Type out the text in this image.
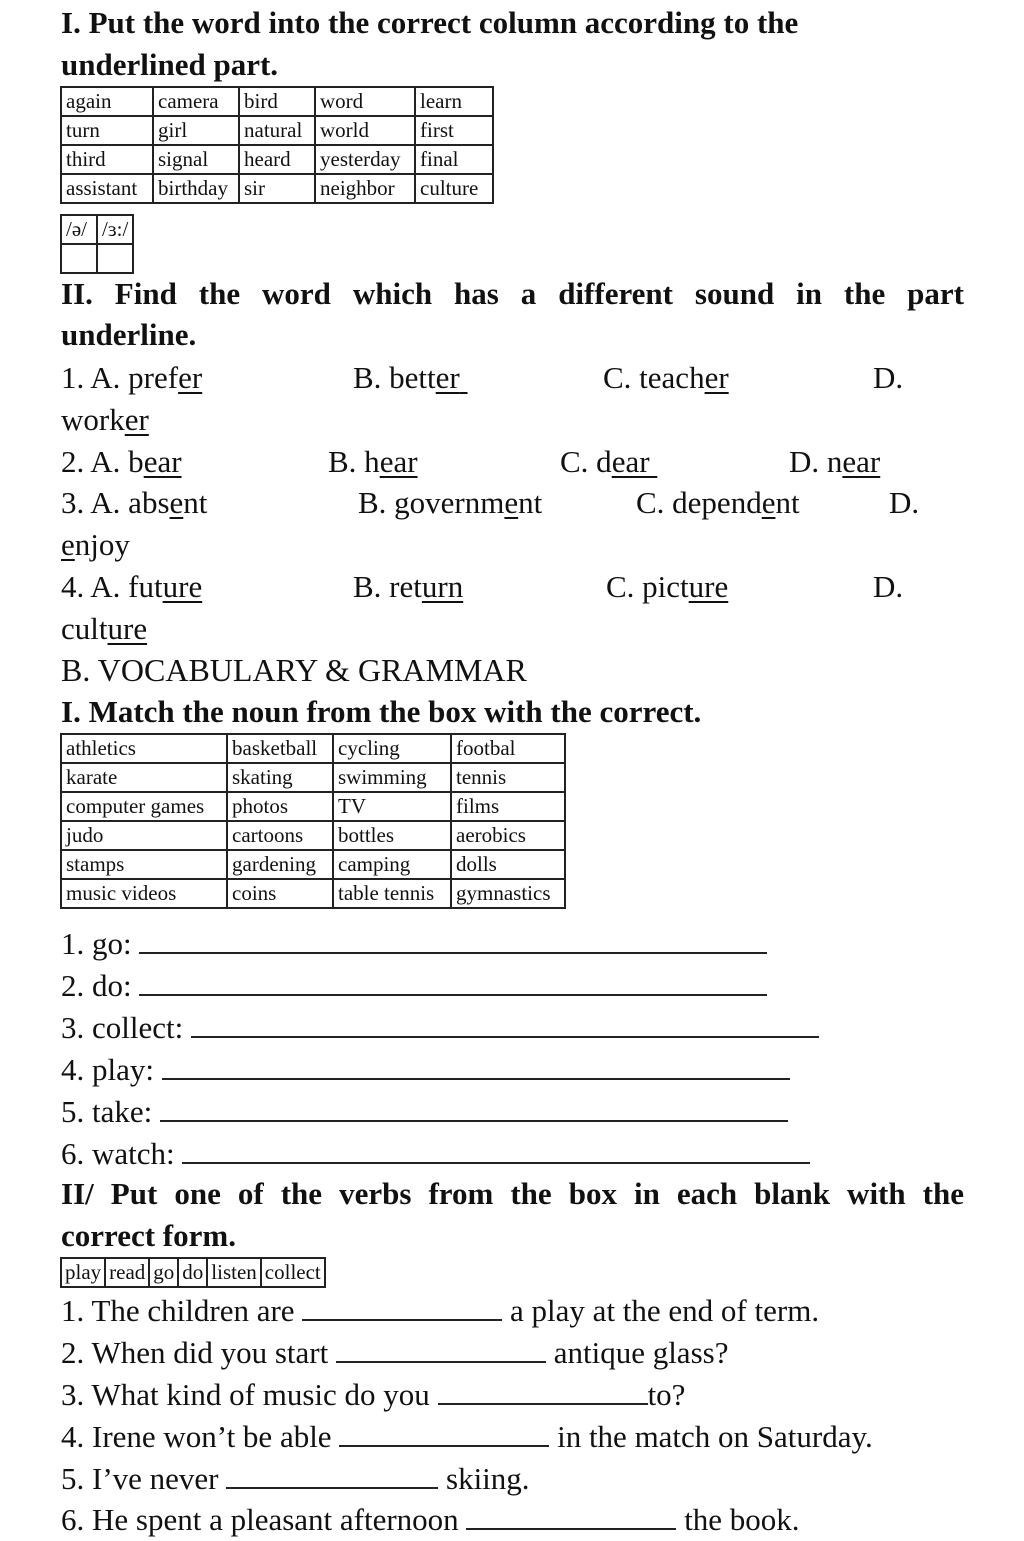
I. Put the word into the correct column according to the
underlined part.
again	camera	bird	word	learn
turn	girl	natural	world	first
third	signal	heard	yesterday	final
assistant	birthday	sir	neighbor	culture
/ə/	/ɜ:/

II. Find the word which has a different sound in the part
underline.
1. A. prefer	B. better	C. teacher	D.
worker
2. A. bear	B. hear	C. dear	D. near
3. A. absent	B. government	C. dependent	D.
enjoy
4. A. future	B. return	C. picture	D.
culture
B. VOCABULARY & GRAMMAR
I. Match the noun from the box with the correct.
athletics	basketball	cycling	footbal
karate	skating	swimming	tennis
computer games	photos	TV	films
judo	cartoons	bottles	aerobics
stamps	gardening	camping	dolls
music videos	coins	table tennis	gymnastics
1. go:
2. do:
3. collect:
4. play:
5. take:
6. watch:
II/ Put one of the verbs from the box in each blank with the
correct form.
play	read	go	do	listen	collect
1. The children are	a play at the end of term.
2. When did you start	antique glass?
3. What kind of music do you	to?
4. Irene won’t be able	in the match on Saturday.
5. I’ve never	skiing.
6. He spent a pleasant afternoon	the book.
